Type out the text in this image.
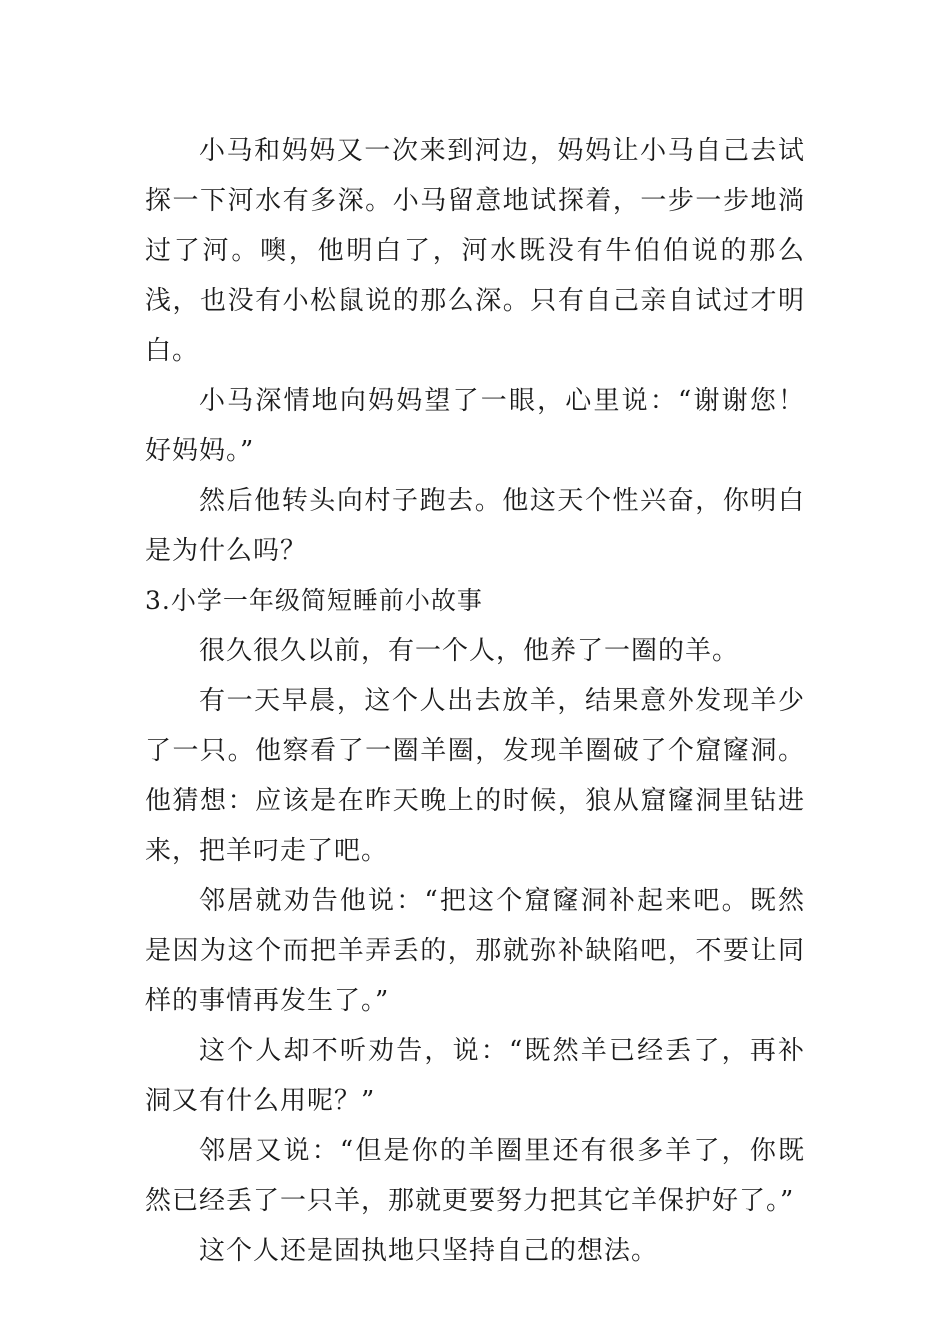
小马和妈妈又一次来到河边，妈妈让小马自己去试探一下河水有多深。小马留意地试探着，一步一步地淌过了河。噢，他明白了，河水既没有牛伯伯说的那么浅，也没有小松鼠说的那么深。只有自己亲自试过才明白。

小马深情地向妈妈望了一眼，心里说：“谢谢您！好妈妈。”

然后他转头向村子跑去。他这天个性兴奋，你明白是为什么吗？

3.小学一年级简短睡前小故事

很久很久以前，有一个人，他养了一圈的羊。

有一天早晨，这个人出去放羊，结果意外发现羊少了一只。他察看了一圈羊圈，发现羊圈破了个窟窿洞。他猜想：应该是在昨天晚上的时候，狼从窟窿洞里钻进来，把羊叼走了吧。

邻居就劝告他说：“把这个窟窿洞补起来吧。既然是因为这个而把羊弄丢的，那就弥补缺陷吧，不要让同样的事情再发生了。”

这个人却不听劝告，说：“既然羊已经丢了，再补洞又有什么用呢？”

邻居又说：“但是你的羊圈里还有很多羊了，你既然已经丢了一只羊，那就更要努力把其它羊保护好了。”

这个人还是固执地只坚持自己的想法。
